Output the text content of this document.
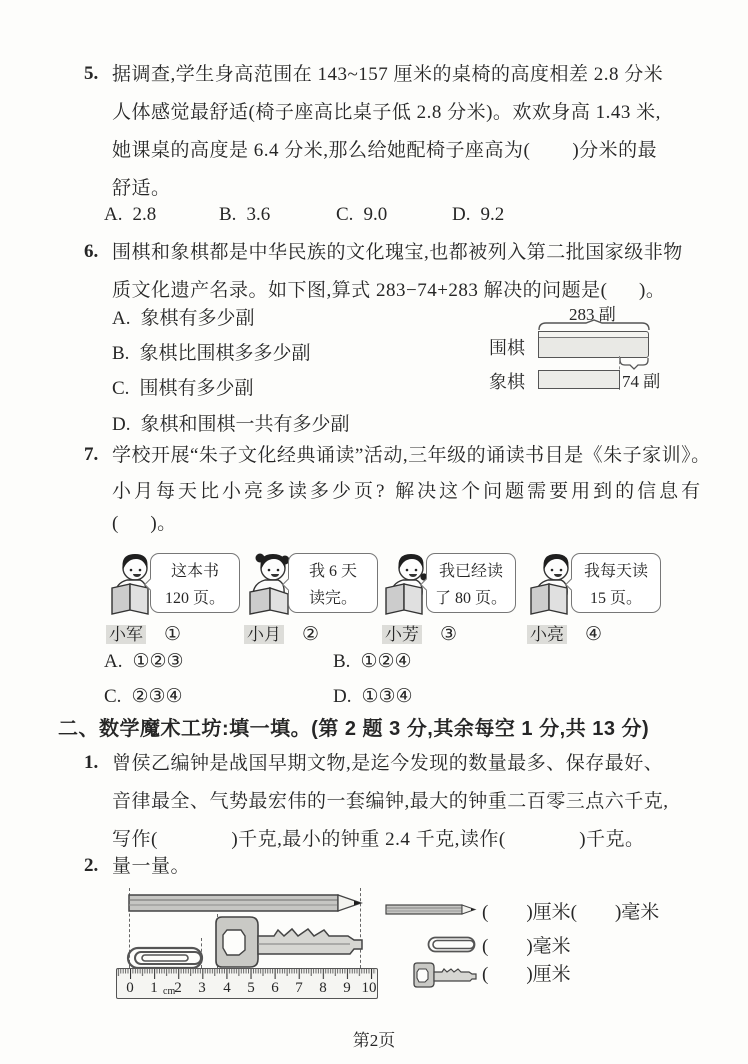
5. 据调查,学生身高范围在 143~157 厘米的桌椅的高度相差 2.8 分米
人体感觉最舒适(椅子座高比桌子低 2.8 分米)。欢欢身高 1.43 米,
她课桌的高度是 6.4 分米,那么给她配椅子座高为(        )分米的最
舒适。
A. 2.8	B. 3.6	C. 9.0	D. 9.2
6. 围棋和象棋都是中华民族的文化瑰宝,也都被列入第二批国家级非物
质文化遗产名录。如下图,算式 283−74+283 解决的问题是(      )。
A. 象棋有多少副
B. 象棋比围棋多多少副
C. 围棋有多少副
D. 象棋和围棋一共有多少副
283 副
围棋
象棋	74 副
7. 学校开展“朱子文化经典诵读”活动,三年级的诵读书目是《朱子家训》。
小月每天比小亮多读多少页? 解决这个问题需要用到的信息有
(      )。
这本书
120 页。
小军 ①
我 6 天
读完。
小月 ②
我已经读
了 80 页。
小芳 ③
我每天读
15 页。
小亮 ④
A. ①②③	B. ①②④
C. ②③④	D. ①③④
二、数学魔术工坊:填一填。(第 2 题 3 分,其余每空 1 分,共 13 分)
1. 曾侯乙编钟是战国早期文物,是迄今发现的数量最多、保存最好、
音律最全、气势最宏伟的一套编钟,最大的钟重二百零三点六千克,
写作(              )千克,最小的钟重 2.4 千克,读作(              )千克。
2. 量一量。
0 1 cm 2 3 4 5 6 7 8 9 10
(        )厘米(        )毫米
(        )毫米
(        )厘米
第2页
